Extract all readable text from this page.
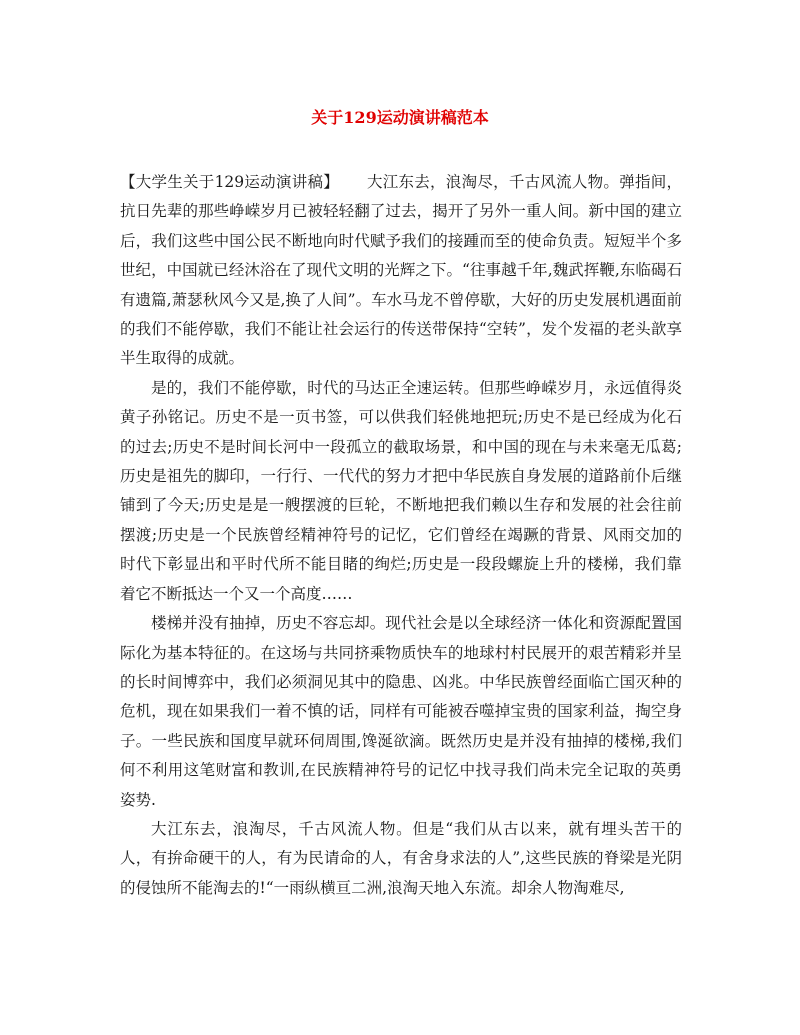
关于129运动演讲稿范本

【大学生关于129运动演讲稿】 大江东去，浪淘尽，千古风流人物。弹指间，抗日先辈的那些峥嵘岁月已被轻轻翻了过去，揭开了另外一重人间。新中国的建立后，我们这些中国公民不断地向时代赋予我们的接踵而至的使命负责。短短半个多世纪，中国就已经沐浴在了现代文明的光辉之下。“往事越千年,魏武挥鞭,东临碣石有遗篇,萧瑟秋风今又是,换了人间”。车水马龙不曾停歇，大好的历史发展机遇面前的我们不能停歇，我们不能让社会运行的传送带保持“空转”，发个发福的老头歆享半生取得的成就。

是的，我们不能停歇，时代的马达正全速运转。但那些峥嵘岁月，永远值得炎黄子孙铭记。历史不是一页书签，可以供我们轻佻地把玩;历史不是已经成为化石的过去;历史不是时间长河中一段孤立的截取场景，和中国的现在与未来毫无瓜葛;历史是祖先的脚印，一行行、一代代的努力才把中华民族自身发展的道路前仆后继铺到了今天;历史是是一艘摆渡的巨轮，不断地把我们赖以生存和发展的社会往前摆渡;历史是一个民族曾经精神符号的记忆，它们曾经在竭蹶的背景、风雨交加的时代下彰显出和平时代所不能目睹的绚烂;历史是一段段螺旋上升的楼梯，我们靠着它不断抵达一个又一个高度……

楼梯并没有抽掉，历史不容忘却。现代社会是以全球经济一体化和资源配置国际化为基本特征的。在这场与共同挤乘物质快车的地球村村民展开的艰苦精彩并呈的长时间博弈中，我们必须洞见其中的隐患、凶兆。中华民族曾经面临亡国灭种的危机，现在如果我们一着不慎的话，同样有可能被吞噬掉宝贵的国家利益，掏空身子。一些民族和国度早就环伺周围,馋涎欲滴。既然历史是并没有抽掉的楼梯,我们何不利用这笔财富和教训,在民族精神符号的记忆中找寻我们尚未完全记取的英勇姿势.

大江东去，浪淘尽，千古风流人物。但是“我们从古以来，就有埋头苦干的人，有拚命硬干的人，有为民请命的人，有舍身求法的人”,这些民族的脊梁是光阴的侵蚀所不能淘去的!“一雨纵横亘二洲,浪淘天地入东流。却余人物淘难尽,
